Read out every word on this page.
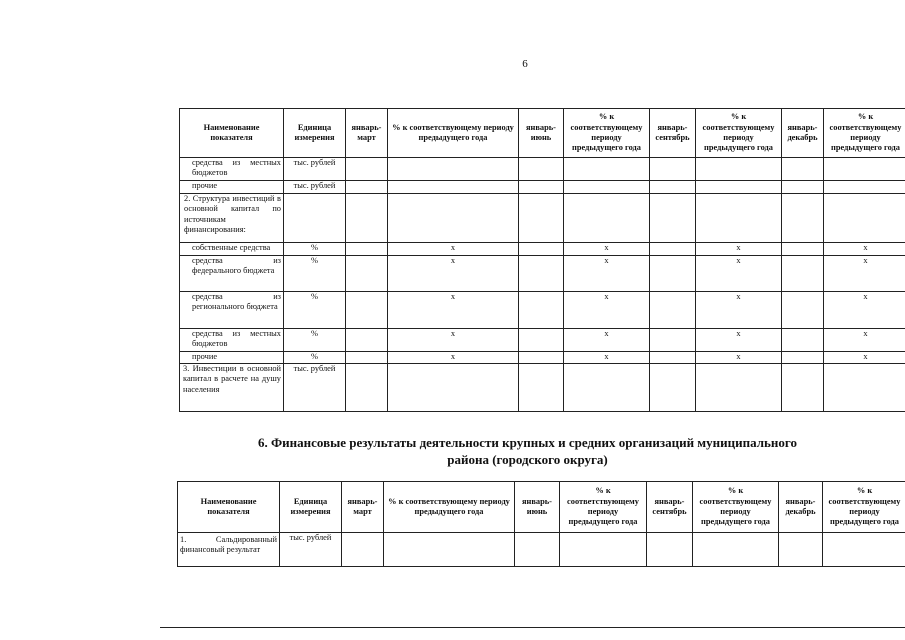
6
Наименование показателя	Единица измерения	январь-март	% к соответствующему периоду предыдущего года	январь-июнь	% к соответствующему периоду предыдущего года	январь-сентябрь	% к соответствующему периоду предыдущего года	январь-декабрь	% к соответствующему периоду предыдущего года
средства из местных бюджетов	тыс. рублей								
прочие	тыс. рублей								
2. Структура инвестиций в основной капитал по источникам финансирования:									
собственные средства	%		x		x		x		x
средства из федерального бюджета	%		x		x		x		x
средства из регионального бюджета	%		x		x		x		x
средства из местных бюджетов	%		x		x		x		x
прочие	%		x		x		x		x
3. Инвестиции в основной капитал в расчете на душу населения	тыс. рублей								
6. Финансовые результаты деятельности крупных и средних организаций муниципального района (городского округа)
Наименование показателя	Единица измерения	январь-март	% к соответствующему периоду предыдущего года	январь-июнь	% к соответствующему периоду предыдущего года	январь-сентябрь	% к соответствующему периоду предыдущего года	январь-декабрь	% к соответствующему периоду предыдущего года
1. Сальдированный финансовый результат	тыс. рублей								
